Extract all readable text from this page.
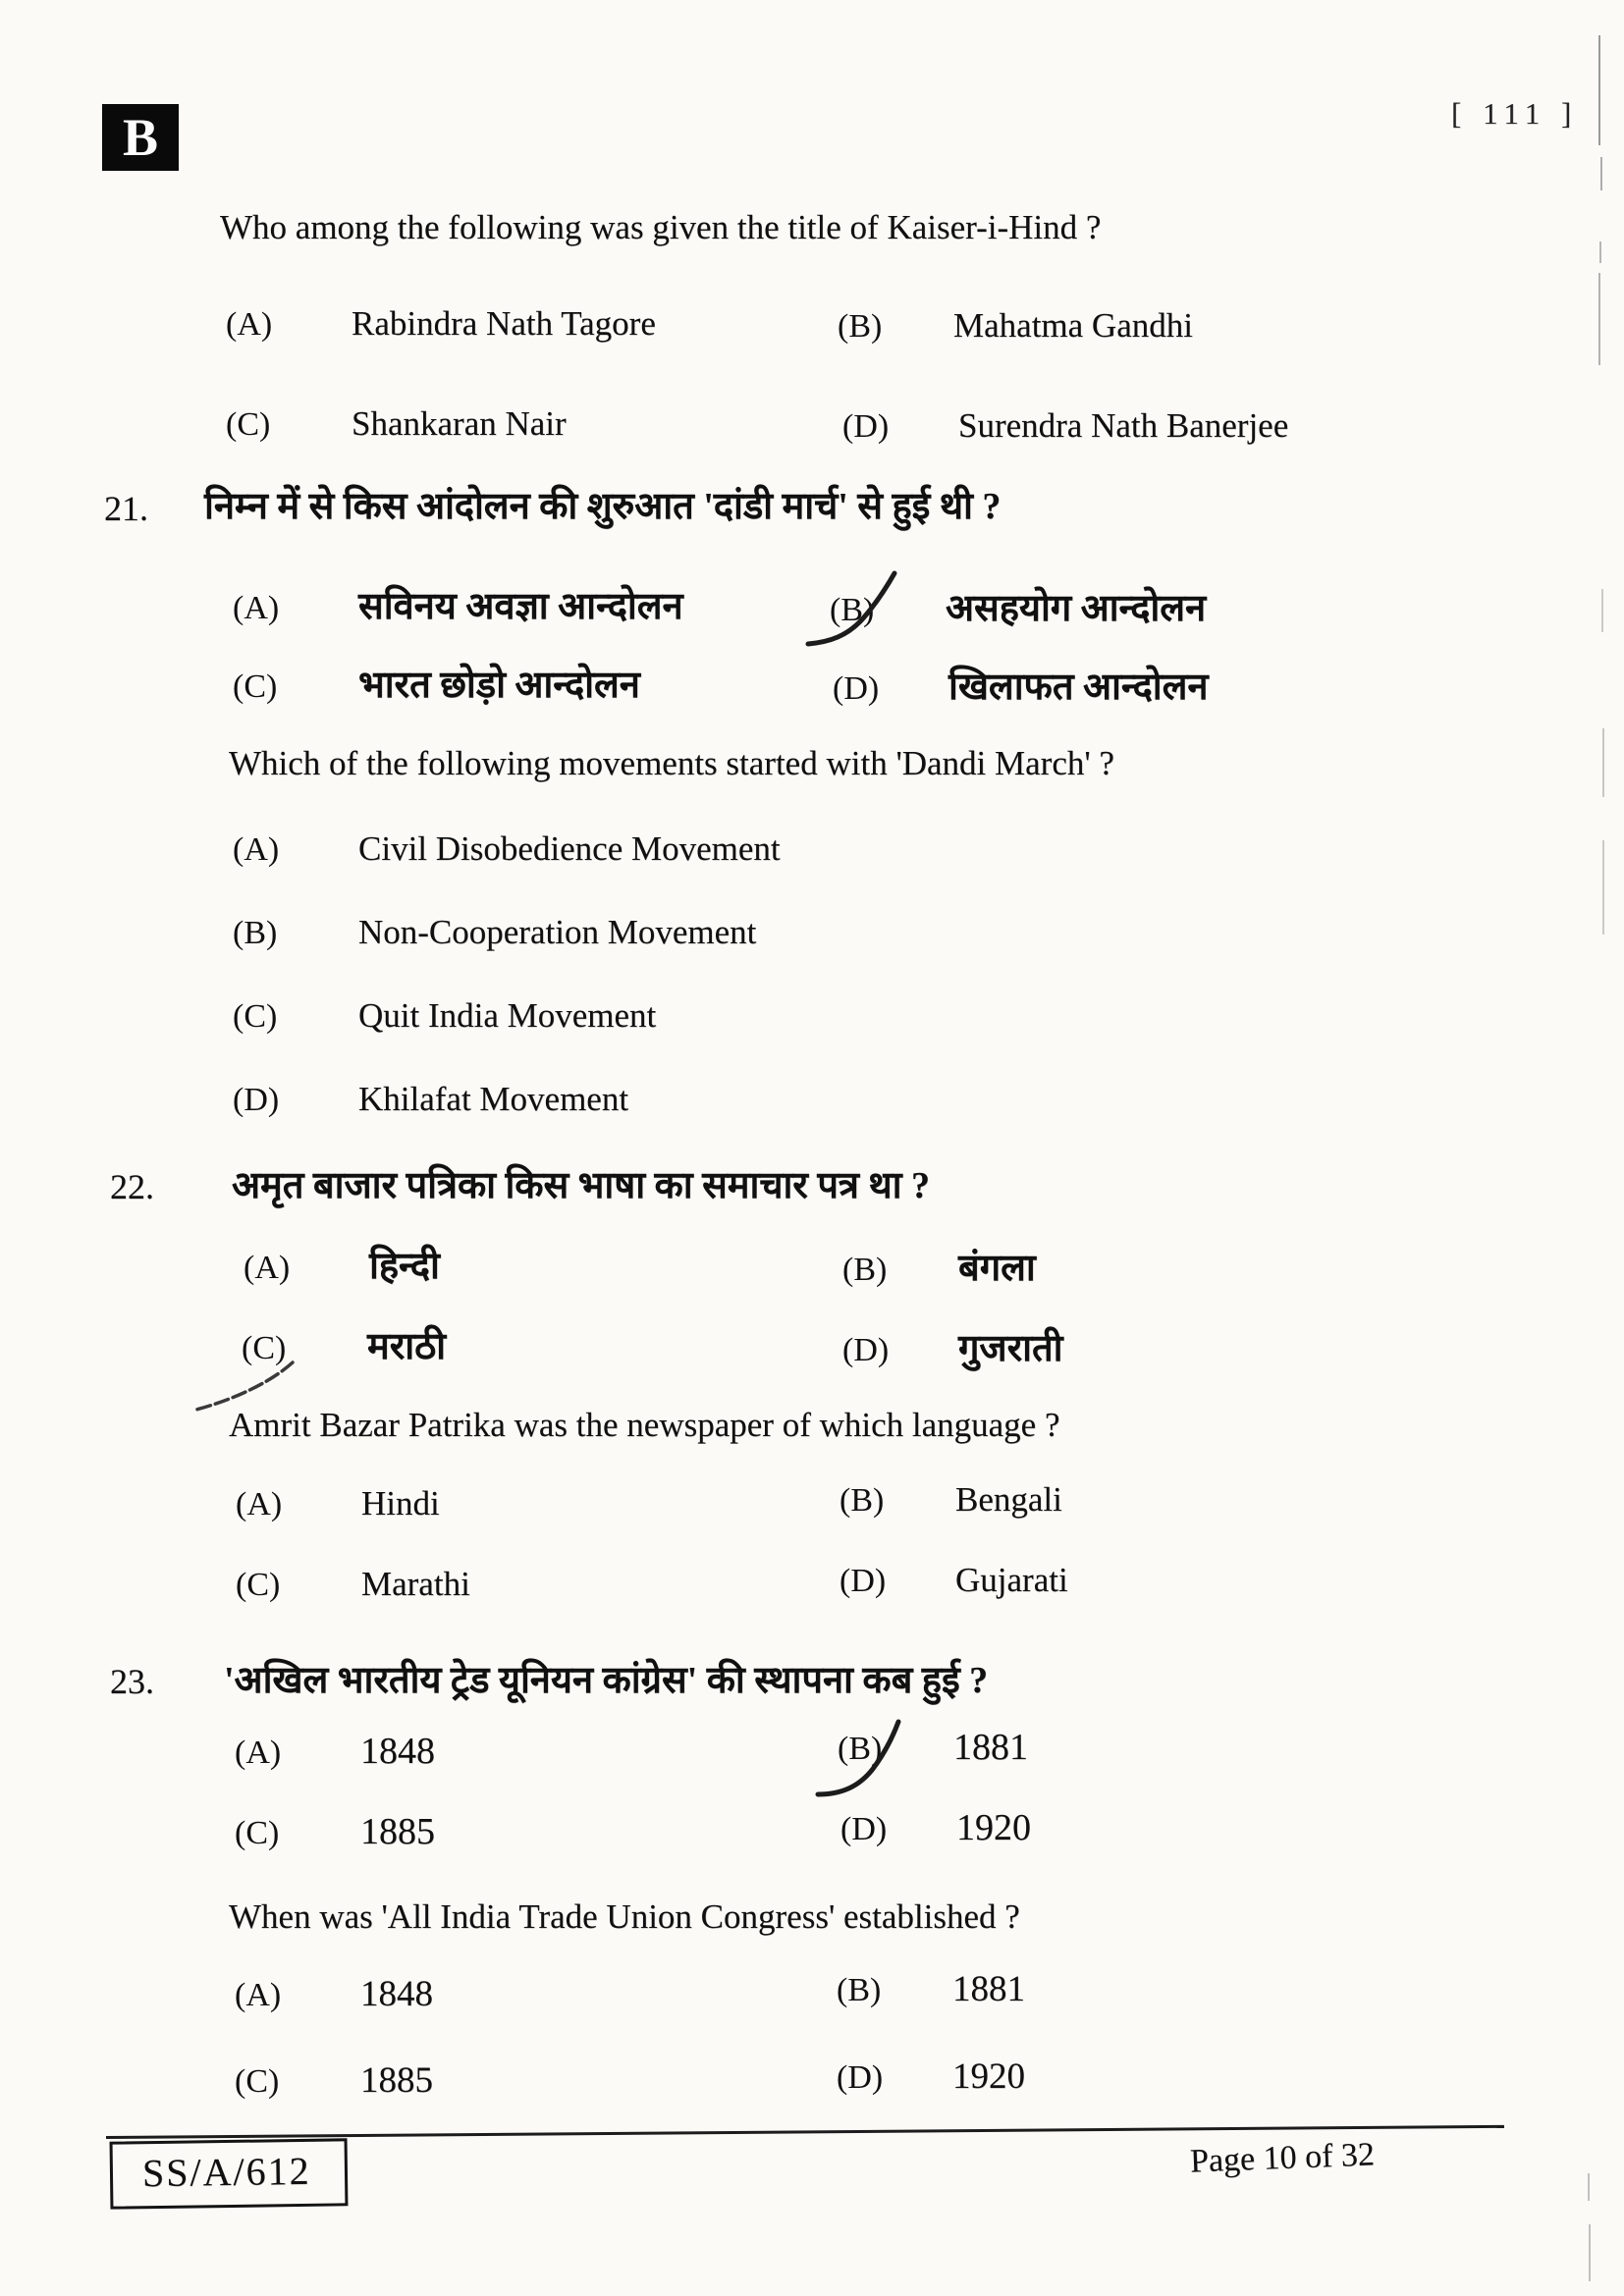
B	[ 111 ]
Who among the following was given the title of Kaiser-i-Hind ?
(A)	Rabindra Nath Tagore	(B)	Mahatma Gandhi
(C)	Shankaran Nair	(D)	Surendra Nath Banerjee
21. निम्न में से किस आंदोलन की शुरुआत 'दांडी मार्च' से हुई थी ?
(A)	सविनय अवज्ञा आन्दोलन	(B)	असहयोग आन्दोलन
(C)	भारत छोड़ो आन्दोलन	(D)	खिलाफत आन्दोलन
Which of the following movements started with 'Dandi March' ?
(A)	Civil Disobedience Movement
(B)	Non-Cooperation Movement
(C)	Quit India Movement
(D)	Khilafat Movement
22. अमृत बाजार पत्रिका किस भाषा का समाचार पत्र था ?
(A)	हिन्दी	(B)	बंगला
(C)	मराठी	(D)	गुजराती
Amrit Bazar Patrika was the newspaper of which language ?
(A)	Hindi	(B)	Bengali
(C)	Marathi	(D)	Gujarati
23. 'अखिल भारतीय ट्रेड यूनियन कांग्रेस' की स्थापना कब हुई ?
(A)	1848	(B)	1881
(C)	1885	(D)	1920
When was 'All India Trade Union Congress' established ?
(A)	1848	(B)	1881
(C)	1885	(D)	1920
SS/A/612	Page 10 of 32
